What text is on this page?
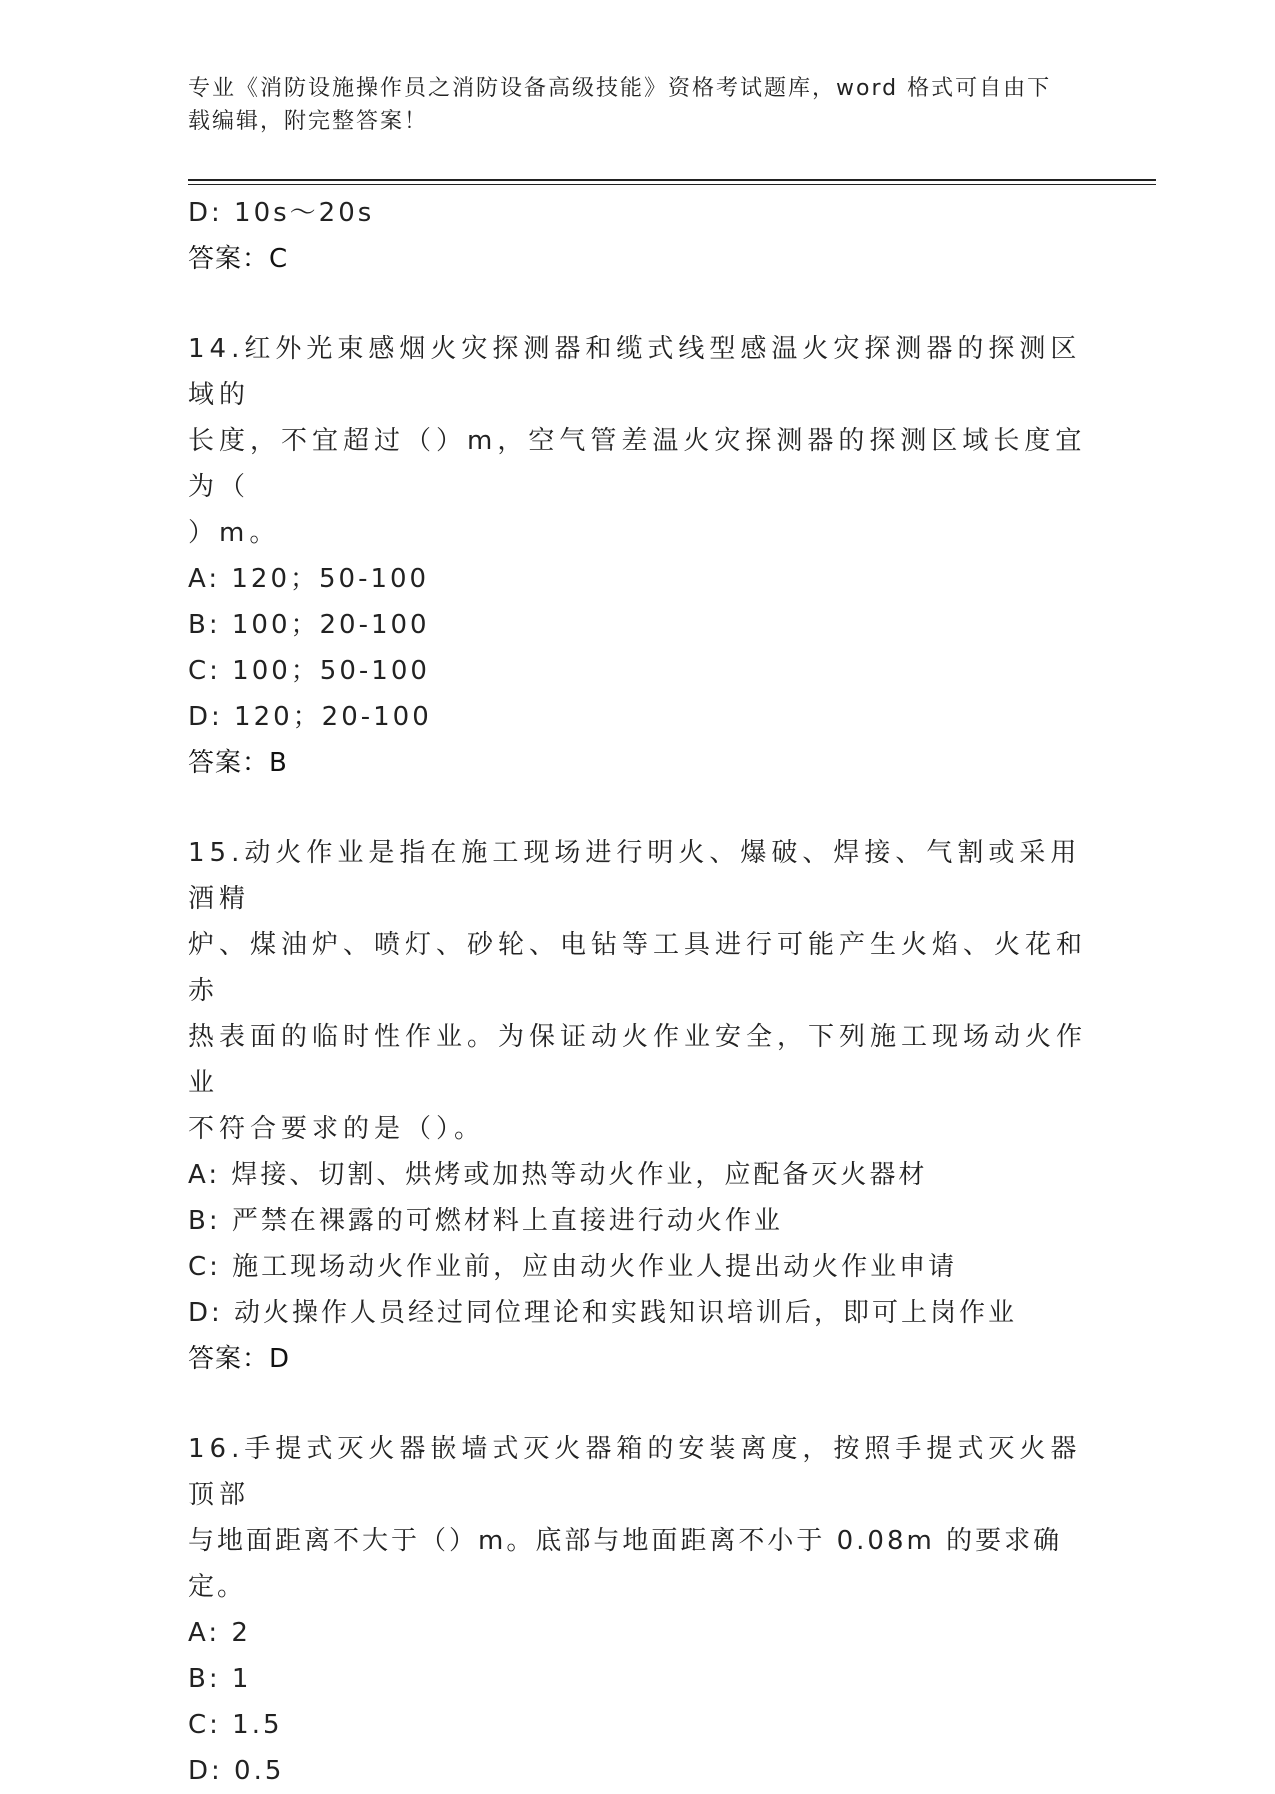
专业《消防设施操作员之消防设备高级技能》资格考试题库，word 格式可自由下
载编辑，附完整答案！
D: 10s～20s
答案：C
14.红外光束感烟火灾探测器和缆式线型感温火灾探测器的探测区域的
长度，不宜超过（）m，空气管差温火灾探测器的探测区域长度宜为（
）m。
A: 120；50-100
B: 100；20-100
C: 100；50-100
D: 120；20-100
答案：B
15.动火作业是指在施工现场进行明火、爆破、焊接、气割或采用酒精
炉、煤油炉、喷灯、砂轮、电钻等工具进行可能产生火焰、火花和赤
热表面的临时性作业。为保证动火作业安全，下列施工现场动火作业
不符合要求的是（）。
A: 焊接、切割、烘烤或加热等动火作业，应配备灭火器材
B: 严禁在裸露的可燃材料上直接进行动火作业
C: 施工现场动火作业前，应由动火作业人提出动火作业申请
D: 动火操作人员经过同位理论和实践知识培训后，即可上岗作业
答案：D
16.手提式灭火器嵌墙式灭火器箱的安装离度，按照手提式灭火器顶部
与地面距离不大于（）m。底部与地面距离不小于 0.08m 的要求确定。
A: 2
B: 1
C: 1.5
D: 0.5
